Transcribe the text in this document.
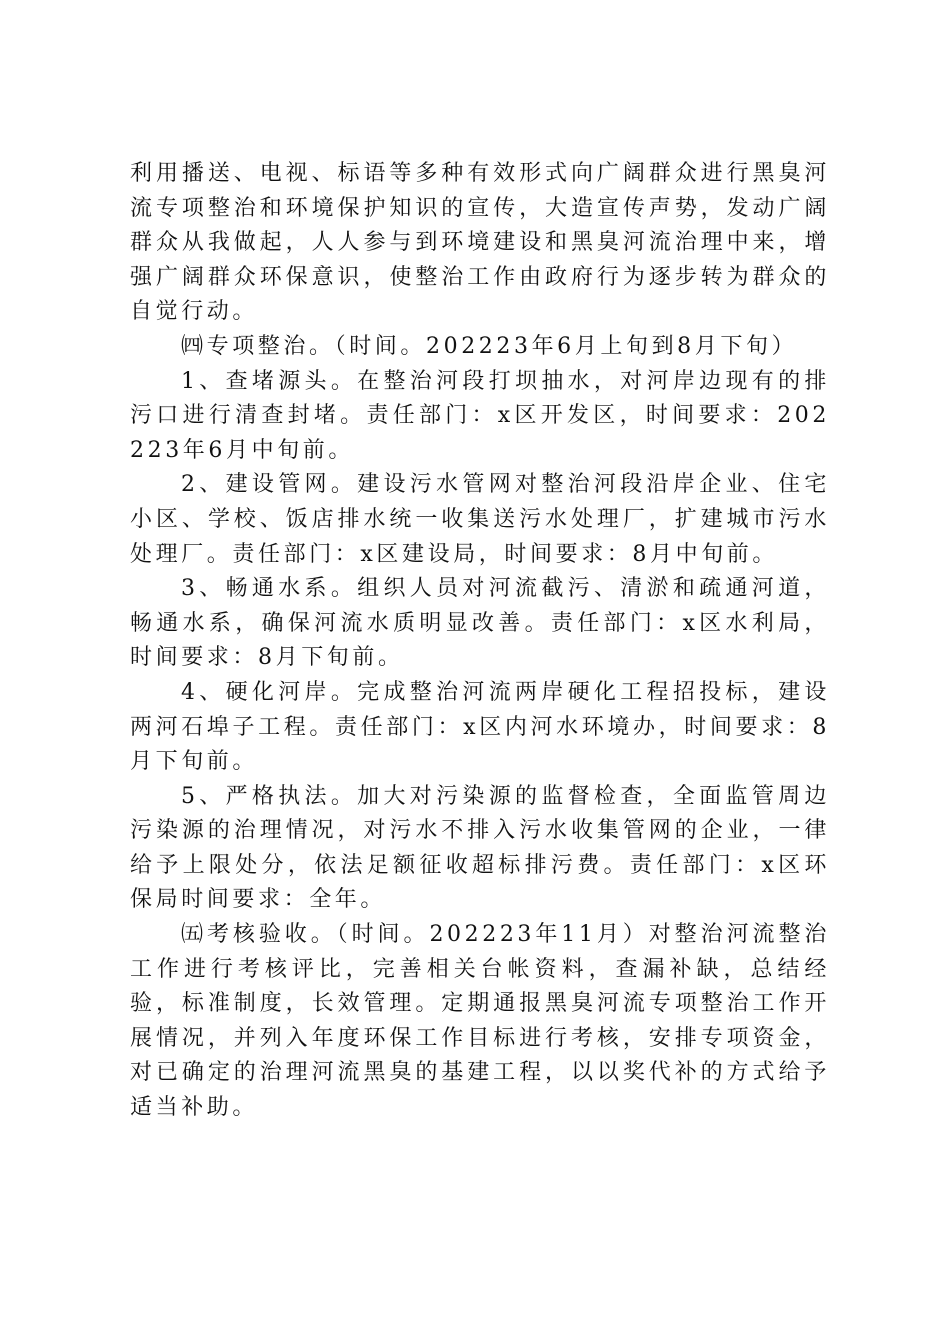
利用播送、电视、标语等多种有效形式向广阔群众进行黑臭河流专项整治和环境保护知识的宣传，大造宣传声势，发动广阔群众从我做起，人人参与到环境建设和黑臭河流治理中来，增强广阔群众环保意识，使整治工作由政府行为逐步转为群众的自觉行动。

㈣专项整治。（时间。202223年6月上旬到8月下旬）

1、查堵源头。在整治河段打坝抽水，对河岸边现有的排污口进行清查封堵。责任部门：x区开发区，时间要求：202223年6月中旬前。

2、建设管网。建设污水管网对整治河段沿岸企业、住宅小区、学校、饭店排水统一收集送污水处理厂，扩建城市污水处理厂。责任部门：x区建设局，时间要求：8月中旬前。

3、畅通水系。组织人员对河流截污、清淤和疏通河道，畅通水系，确保河流水质明显改善。责任部门：x区水利局，时间要求：8月下旬前。

4、硬化河岸。完成整治河流两岸硬化工程招投标，建设两河石埠子工程。责任部门：x区内河水环境办，时间要求：8月下旬前。

5、严格执法。加大对污染源的监督检查，全面监管周边污染源的治理情况，对污水不排入污水收集管网的企业，一律给予上限处分，依法足额征收超标排污费。责任部门：x区环保局时间要求：全年。

㈤考核验收。（时间。202223年11月）对整治河流整治工作进行考核评比，完善相关台帐资料，查漏补缺，总结经验，标准制度，长效管理。定期通报黑臭河流专项整治工作开展情况，并列入年度环保工作目标进行考核，安排专项资金，对已确定的治理河流黑臭的基建工程，以以奖代补的方式给予适当补助。
